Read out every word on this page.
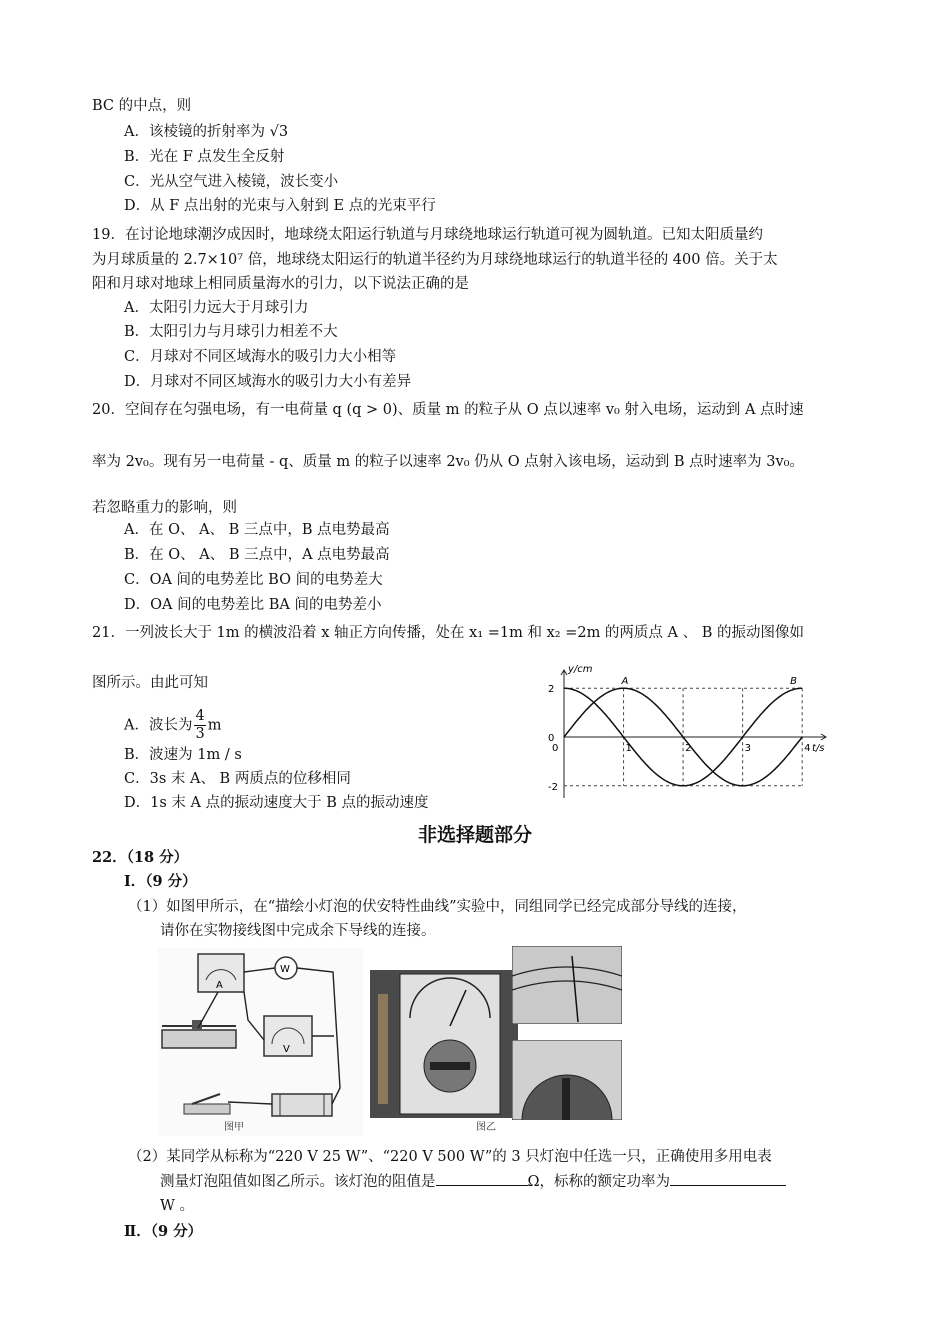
BC 的中点，则
A．该棱镜的折射率为 √3
B．光在 F 点发生全反射
C．光从空气进入棱镜，波长变小
D．从 F 点出射的光束与入射到 E 点的光束平行
19．在讨论地球潮汐成因时，地球绕太阳运行轨道与月球绕地球运行轨道可视为圆轨道。已知太阳质量约
为月球质量的 2.7×10⁷ 倍，地球绕太阳运行的轨道半径约为月球绕地球运行的轨道半径的 400 倍。关于太
阳和月球对地球上相同质量海水的引力，以下说法正确的是
A．太阳引力远大于月球引力
B．太阳引力与月球引力相差不大
C．月球对不同区域海水的吸引力大小相等
D．月球对不同区域海水的吸引力大小有差异
20．空间存在匀强电场，有一电荷量 q (q > 0)、质量 m 的粒子从 O 点以速率 v₀ 射入电场，运动到 A 点时速
率为 2v₀。现有另一电荷量 - q、质量 m 的粒子以速率 2v₀ 仍从 O 点射入该电场，运动到 B 点时速率为 3v₀。
若忽略重力的影响，则
A．在 O、 A、 B 三点中，B 点电势最高
B．在 O、 A、 B 三点中，A 点电势最高
C．OA 间的电势差比 BO 间的电势差大
D．OA 间的电势差比 BA 间的电势差小
21．一列波长大于 1m 的横波沿着 x 轴正方向传播，处在 x₁ =1m 和 x₂ =2m 的两质点 A 、 B 的振动图像如
图所示。由此可知
A．波长为 $\frac{4}{3}$ m
B．波速为 1m / s
C．3s 末 A、 B 两质点的位移相同
D．1s 末 A 点的振动速度大于 B 点的振动速度
0	1	2	3	4
2
0
-2
t/s
y/cm
A	B
非选择题部分
22．（18 分）
Ⅰ．（9 分）
（1）如图甲所示，在“描绘小灯泡的伏安特性曲线”实验中，同组同学已经完成部分导线的连接，
请你在实物接线图中完成余下导线的连接。
A
W
V
图甲	图乙
（2）某同学从标称为“220 V 25 W”、“220 V 500 W”的 3 只灯泡中任选一只，正确使用多用电表
测量灯泡阻值如图乙所示。该灯泡的阻值是	Ω，标称的额定功率为
W 。
Ⅱ．（9 分）
